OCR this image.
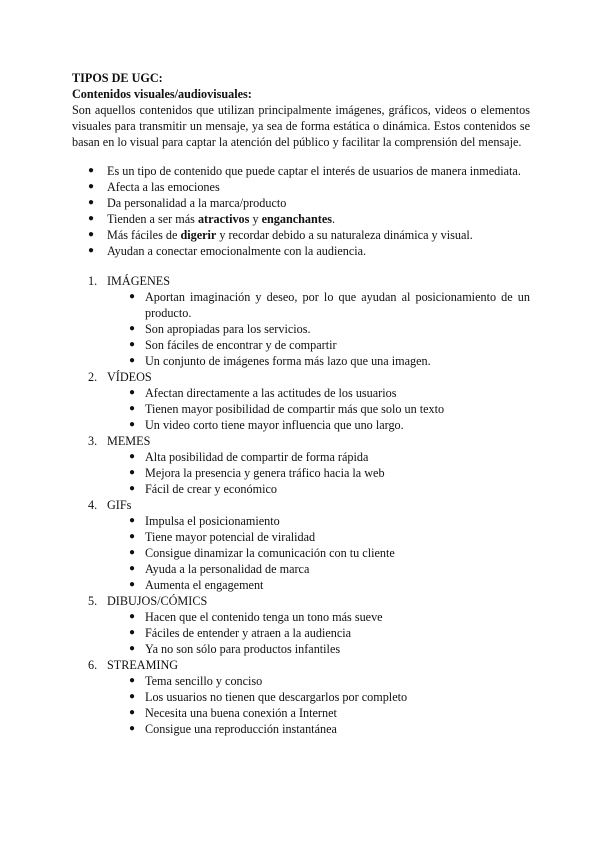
TIPOS DE UGC:

Contenidos visuales/audiovisuales:

Son aquellos contenidos que utilizan principalmente imágenes, gráficos, videos o elementos visuales para transmitir un mensaje, ya sea de forma estática o dinámica. Estos contenidos se basan en lo visual para captar la atención del público y facilitar la comprensión del mensaje.

● Es un tipo de contenido que puede captar el interés de usuarios de manera inmediata.
● Afecta a las emociones
● Da personalidad a la marca/producto
● Tienden a ser más atractivos y enganchantes.
● Más fáciles de digerir y recordar debido a su naturaleza dinámica y visual.
● Ayudan a conectar emocionalmente con la audiencia.
1. IMÁGENES
● Aportan imaginación y deseo, por lo que ayudan al posicionamiento de un producto.
● Son apropiadas para los servicios.
● Son fáciles de encontrar y de compartir
● Un conjunto de imágenes forma más lazo que una imagen.
2. VÍDEOS
● Afectan directamente a las actitudes de los usuarios
● Tienen mayor posibilidad de compartir más que solo un texto
● Un video corto tiene mayor influencia que uno largo.
3. MEMES
● Alta posibilidad de compartir de forma rápida
● Mejora la presencia y genera tráfico hacia la web
● Fácil de crear y económico
4. GIFs
● Impulsa el posicionamiento
● Tiene mayor potencial de viralidad
● Consigue dinamizar la comunicación con tu cliente
● Ayuda a la personalidad de marca
● Aumenta el engagement
5. DIBUJOS/CÓMICS
● Hacen que el contenido tenga un tono más sueve
● Fáciles de entender y atraen a la audiencia
● Ya no son sólo para productos infantiles
6. STREAMING
● Tema sencillo y conciso
● Los usuarios no tienen que descargarlos por completo
● Necesita una buena conexión a Internet
● Consigue una reproducción instantánea
